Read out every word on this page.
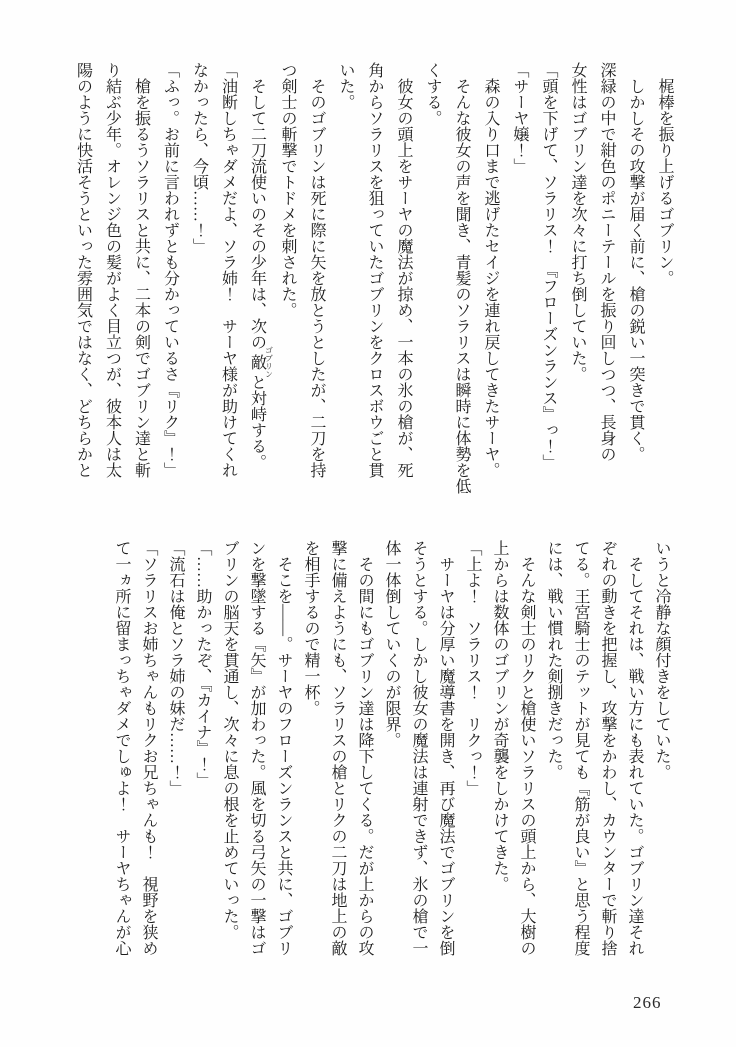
　梶棒を振り上げるゴブリン。
　しかしその攻撃が届く前に、槍の鋭い一突きで貫く。
深緑の中で紺色のポニーテールを振り回しつつ、長身の
女性はゴブリン達を次々に打ち倒していた。
「頭を下げて、ソラリス！　『フローズンランス』っ！」
「サーヤ嬢！」
　森の入り口まで逃げたセイジを連れ戻してきたサーヤ。
　そんな彼女の声を聞き、青髪のソラリスは瞬時に体勢を低
くする。
　彼女の頭上をサーヤの魔法が掠め、一本の氷の槍が、死
角からソラリスを狙っていたゴブリンをクロスボウごと貫
いた。
　そのゴブリンは死に際に矢を放とうとしたが、二刀を持
つ剣士の斬撃でトドメを刺された。
　そして二刀流使いのその少年は、次の敵 ゴブリンと対峙する。
「油断しちゃダメだよ、ソラ姉！　サーヤ様が助けてくれ
なかったら、今頃……！」
「ふっ。お前に言われずとも分かっているさ『リク』！」
　槍を振るうソラリスと共に、二本の剣でゴブリン達と斬
り結ぶ少年。オレンジ色の髪がよく目立つが、彼本人は太
陽のように快活そうといった雰囲気ではなく、どちらかと
いうと冷静な顔付きをしていた。
　そしてそれは、戦い方にも表れていた。ゴブリン達それ
ぞれの動きを把握し、攻撃をかわし、カウンターで斬り捨
てる。王宮騎士のテットが見ても『筋が良い』と思う程度
には、戦い慣れた剣捌きだった。
　そんな剣士のリクと槍使いソラリスの頭上から、大樹の
上からは数体のゴブリンが奇襲をしかけてきた。
「上よ！　ソラリス！　リクっ！」
　サーヤは分厚い魔導書を開き、再び魔法でゴブリンを倒
そうとする。しかし彼女の魔法は連射できず、氷の槍で一
体一体倒していくのが限界。
　その間にもゴブリン達は降下してくる。だが上からの攻
撃に備えようにも、ソラリスの槍とリクの二刀は地上の敵
を相手するので精一杯。
　そこを――。サーヤのフローズンランスと共に、ゴブリ
ンを撃墜する『矢』が加わった。風を切る弓矢の一撃はゴ
ブリンの脳天を貫通し、次々に息の根を止めていった。
「……助かったぞ、『カイナ』！」
「流石は俺とソラ姉の妹だ……！」
「ソラリスお姉ちゃんもリクお兄ちゃんも！　視野を狭め
て一ヵ所に留まっちゃダメでしゅよ！　サーヤちゃんが心
266
